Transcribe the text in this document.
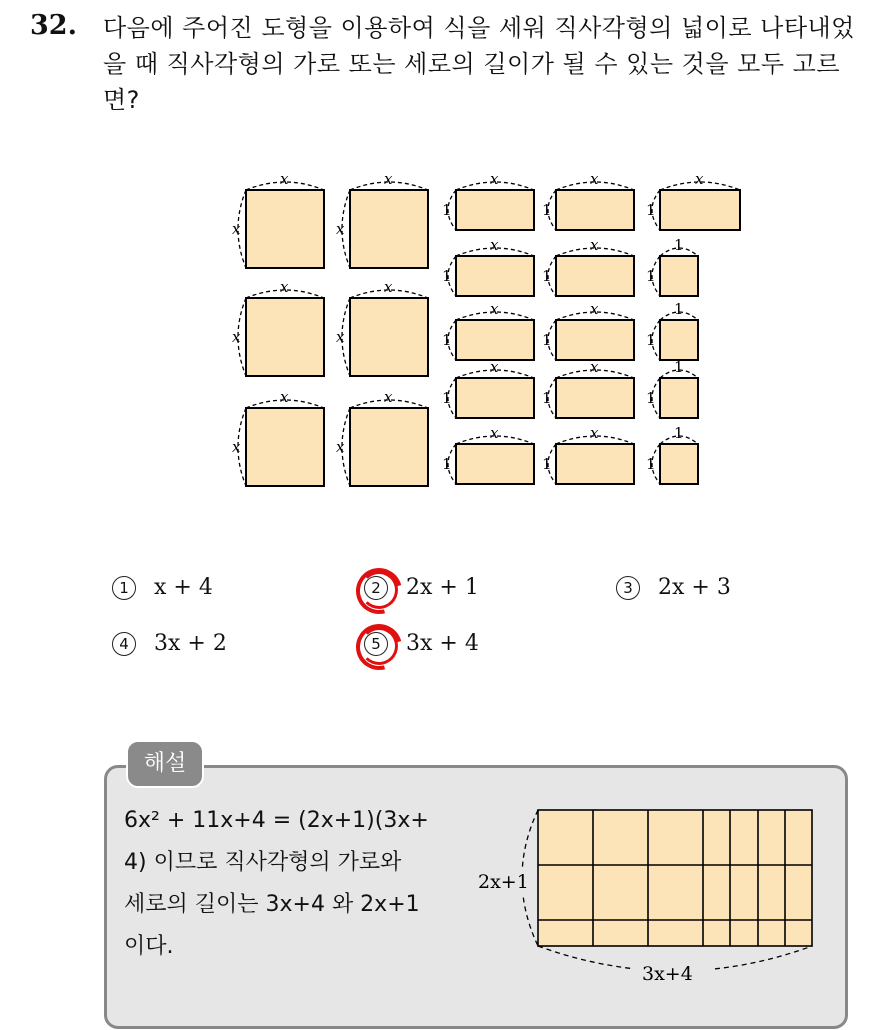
32. 다음에 주어진 도형을 이용하여 식을 세워 직사각형의 넓이로 나타내었을 때 직사각형의 가로 또는 세로의 길이가 될 수 있는 것을 모두 고르면?
x
x
x
x
x
x
x
x
x
x
x
x
x
1
x
1
x
1
x
1
x
1
1
1
x
1
x
1
1
1
x
1
x
1
1
1
x
1
x
1
1
1
1	x + 4	2	2x + 1	3	2x + 3
4	3x + 2	5	3x + 4
해설
6x² + 11x+4 = (2x+1)(3x+
4) 이므로 직사각형의 가로와
세로의 길이는 3x+4 와 2x+1
이다.
2x+1
3x+4
